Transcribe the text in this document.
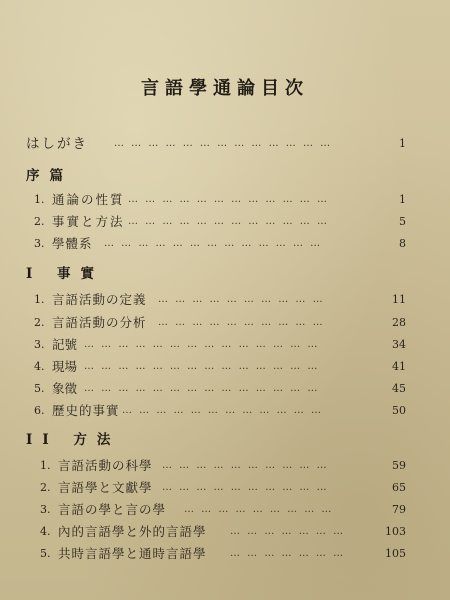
言語學通論目次
はしがき	… … … … … … … … … … … … …	1
序篇
1. 通論の性質 … … … … … … … … … … … …	1
2. 事實と方法 … … … … … … … … … … … …	5
3. 學體系 … … … … … … … … … … … … …	8
I 事實
1. 言語活動の定義 … … … … … … … … … …	11
2. 言語活動の分析 … … … … … … … … … …	28
3. 記號 … … … … … … … … … … … … … …	34
4. 現場 … … … … … … … … … … … … … …	41
5. 象徵 … … … … … … … … … … … … … …	45
6. 歷史的事實 … … … … … … … … … … … …	50
II 方法
1. 言語活動の科學 … … … … … … … … … …	59
2. 言語學と文獻學 … … … … … … … … … …	65
3. 言語の學と言の學 … … … … … … … … …	79
4. 內的言語學と外的言語學 … … … … … … …	103
5. 共時言語學と通時言語學 … … … … … … …	105
